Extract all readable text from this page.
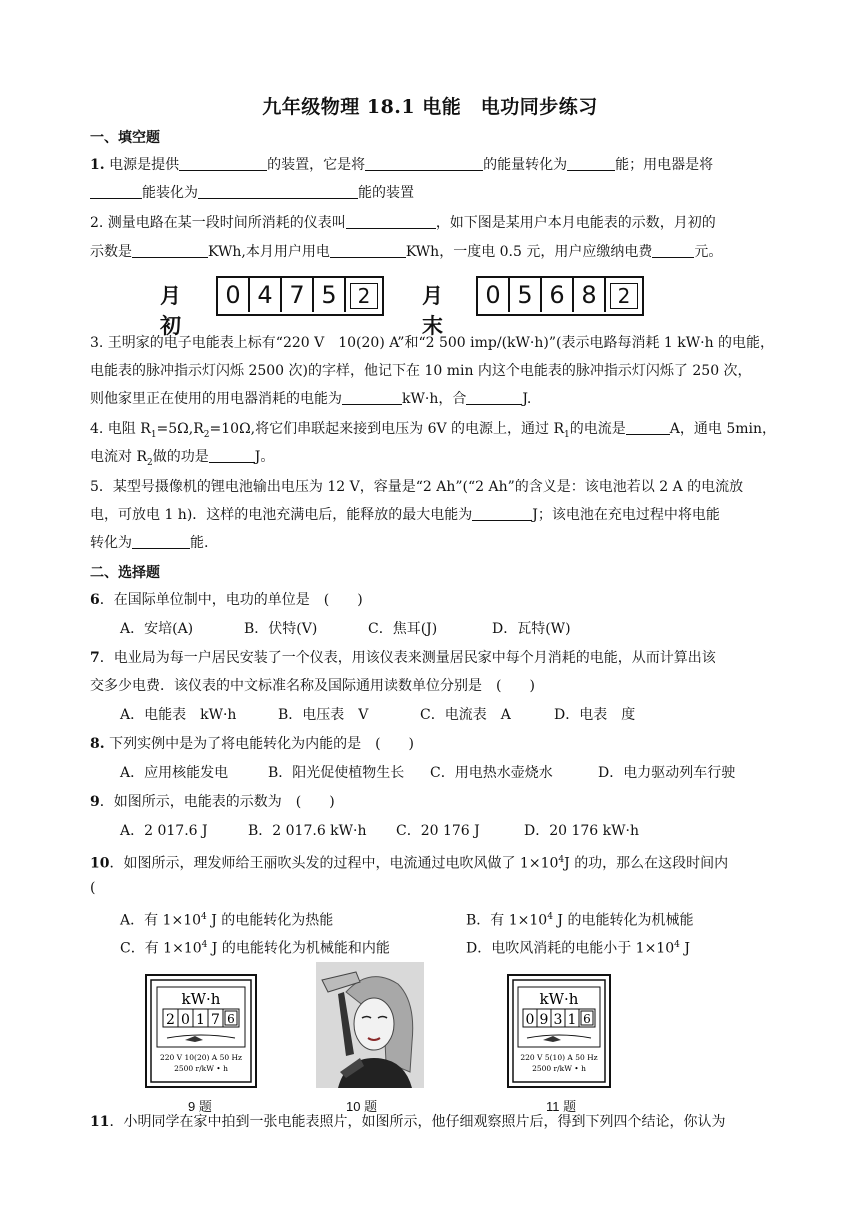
九年级物理 18.1 电能　电功同步练习
一、填空题
1. 电源是提供	的装置，它是将	的能量转化为	能；用电器是将
能装化为	能的装置
2. 测量电路在某一段时间所消耗的仪表叫	，如下图是某用户本月电能表的示数，月初的
示数是	KWh,本月用户用电	KWh，一度电 0.5 元，用户应缴纳电费	元。
月初
0 4 7 5	2	月末
0 5 6 8	2
3. 王明家的电子电能表上标有“220 V　10(20) A”和“2 500 imp/(kW·h)”(表示电路每消耗 1 kW·h 的电能，
电能表的脉冲指示灯闪烁 2500 次)的字样，他记下在 10 min 内这个电能表的脉冲指示灯闪烁了 250 次，
则他家里正在使用的用电器消耗的电能为	kW·h，合	J.
4. 电阻 $R_1=5\Omega,R_2=10\Omega$,将它们串联起来接到电压为 6V 的电源上，通过 $R_1$的电流是	A，通电 5min，
电流对 $R_2$做的功是	J。
5．某型号摄像机的锂电池输出电压为 12 V，容量是“2 Ah”(“2 Ah”的含义是：该电池若以 2 A 的电流放
电，可放电 1 h)．这样的电池充满电后，能释放的最大电能为	J；该电池在充电过程中将电能
转化为	能.
二、选择题
6．在国际单位制中，电功的单位是　(　　)
A．安培(A)	B．伏特(V)	C．焦耳(J)	D．瓦特(W)
7．电业局为每一户居民安装了一个仪表，用该仪表来测量居民家中每个月消耗的电能，从而计算出该
交多少电费．该仪表的中文标准名称及国际通用读数单位分别是　(　　)
A．电能表　kW·h	B．电压表　V	C．电流表　A	D．电表　度
8. 下列实例中是为了将电能转化为内能的是　(　　)
A．应用核能发电	B．阳光促使植物生长 C．用电热水壶烧水	D．电力驱动列车行驶
9．如图所示，电能表的示数为　(　　)
A．2 017.6 J	B．2 017.6 kW·h C．20 176 J	D．20 176 kW·h
10．如图所示，理发师给王丽吹头发的过程中，电流通过电吹风做了 $1\times 10^4J$ 的功，那么在这段时间内
(
A．有 $1\times 10^4$ J 的电能转化为热能	B．有 $1\times 10^4$ J 的电能转化为机械能
C．有 $1\times 10^4$ J 的电能转化为机械能和内能	D．电吹风消耗的电能小于 $1\times 10^4$ J
kW·h
2 0 1 7 6
220 V 10(20) A 50 Hz
2500 r/kW • h
9 题	10 题
kW·h
0 9 3 1 6
220 V 5(10) A 50 Hz
2500 r/kW • h
11 题
11．小明同学在家中拍到一张电能表照片，如图所示，他仔细观察照片后，得到下列四个结论，你认为
